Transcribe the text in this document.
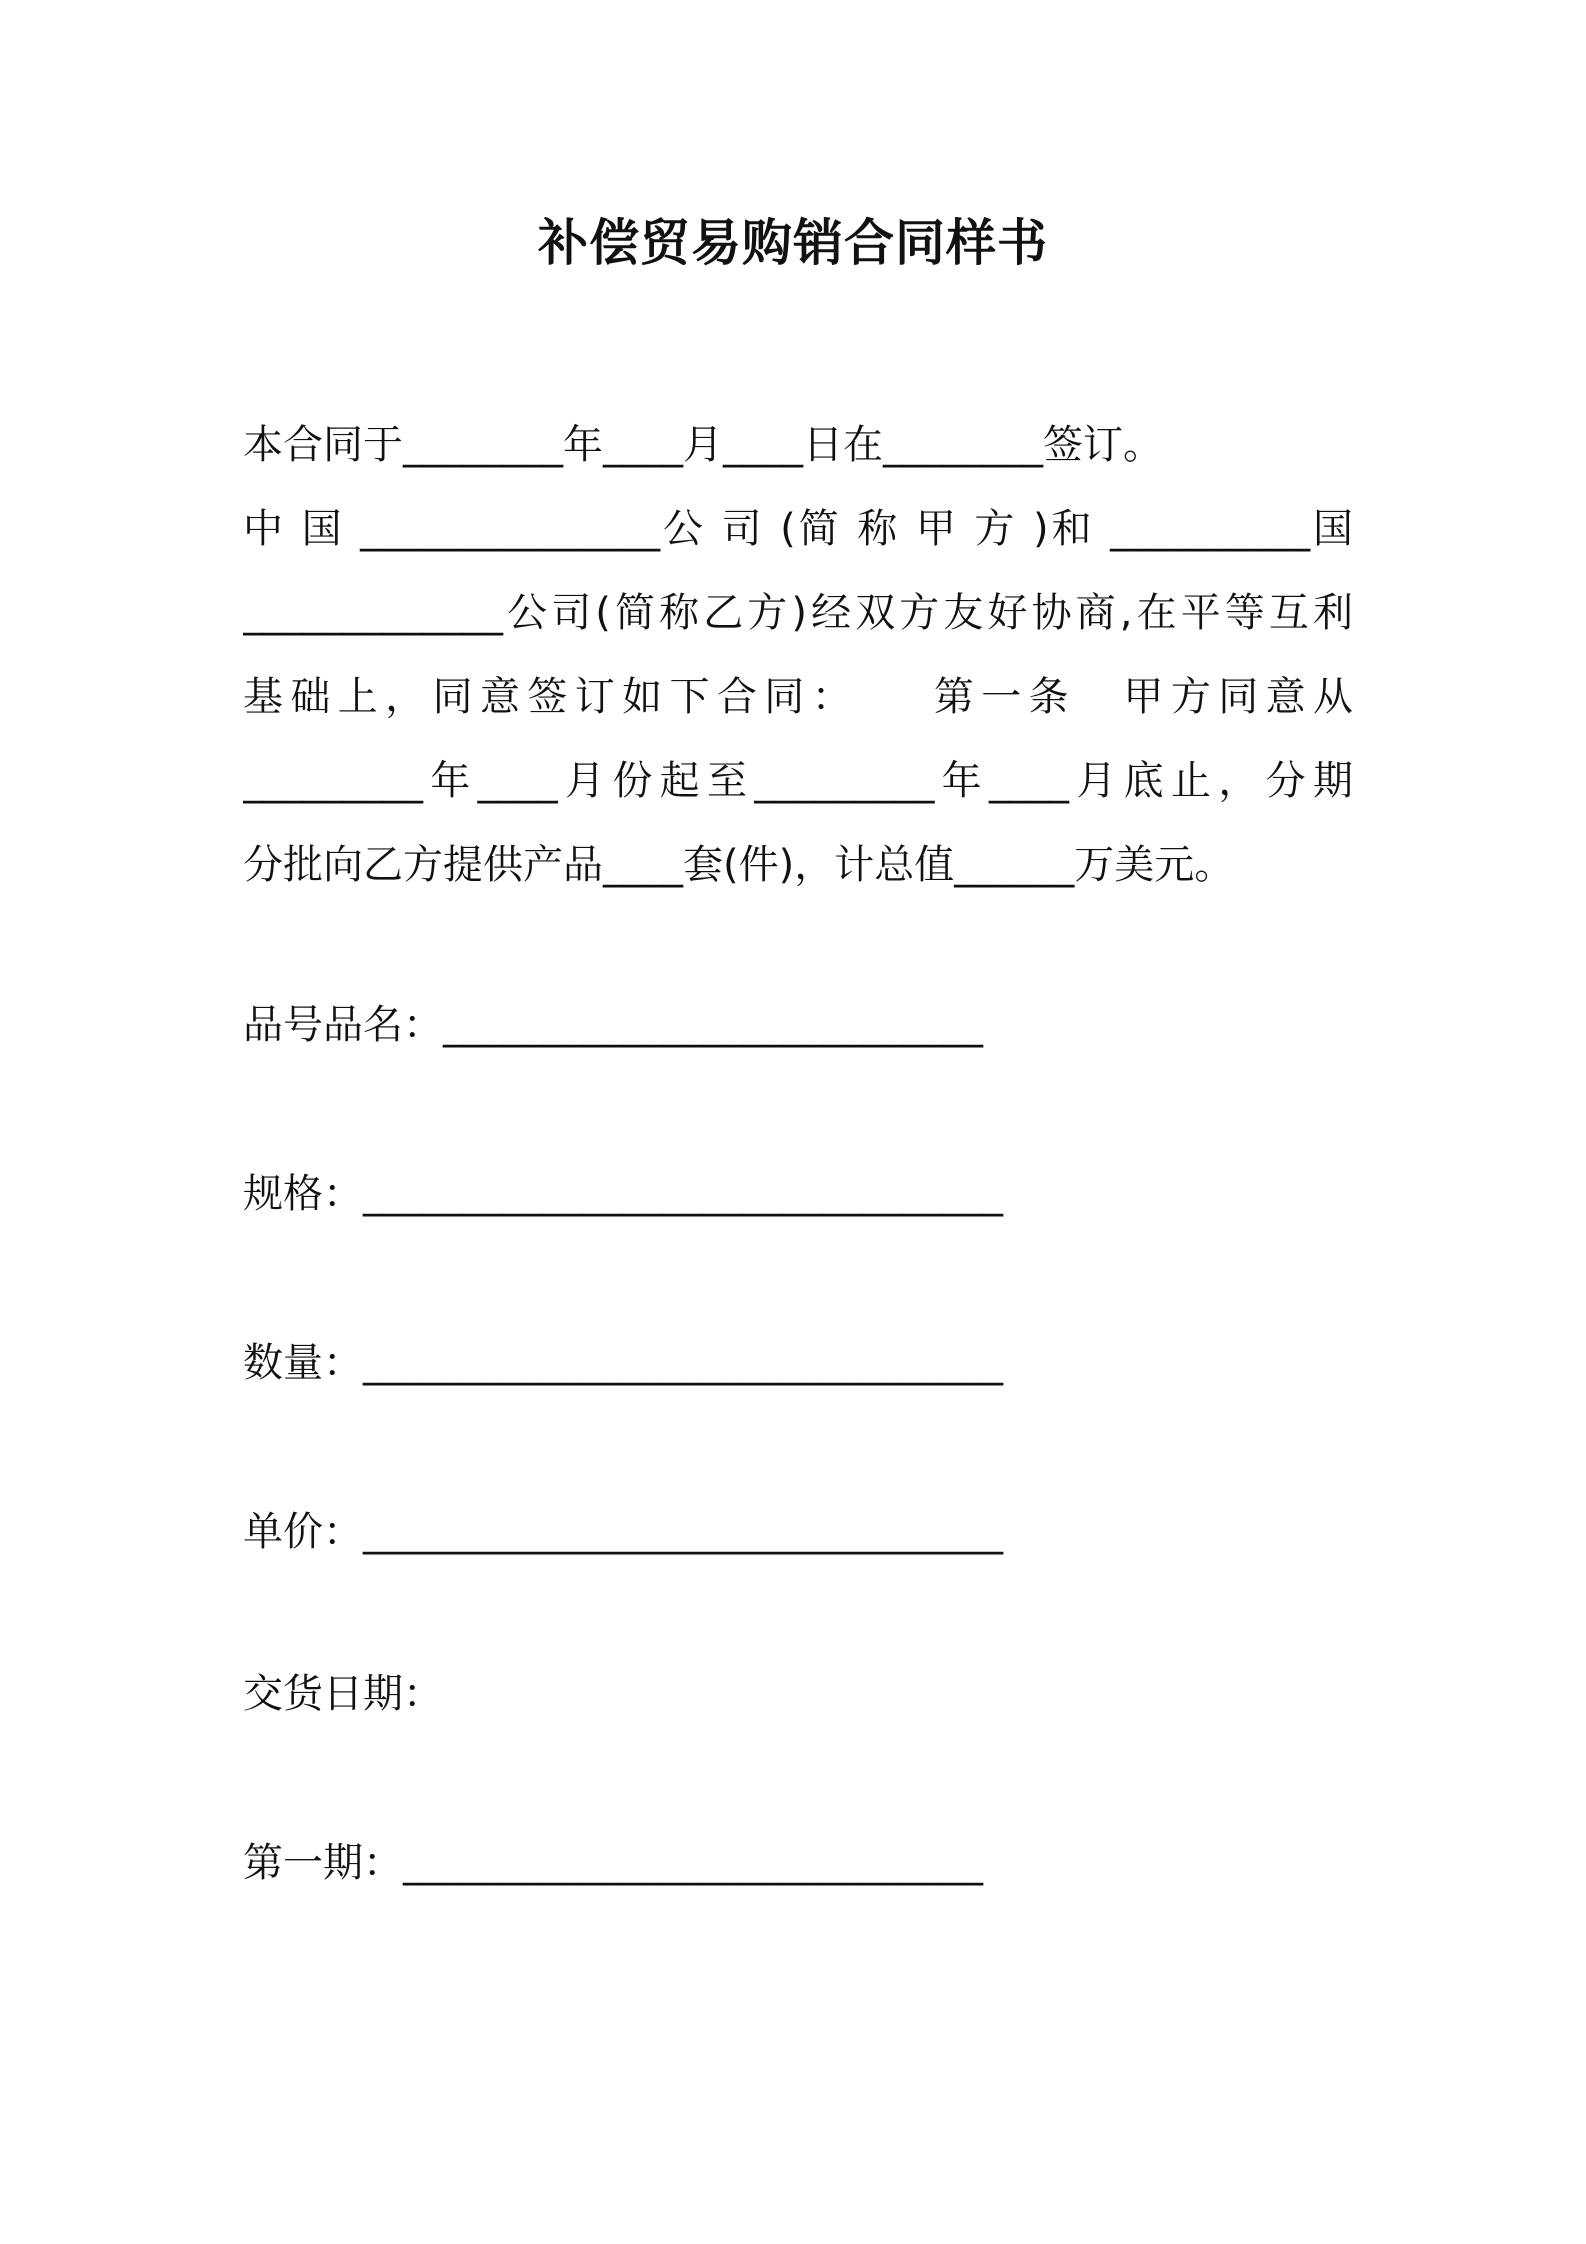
补偿贸易购销合同样书
本合同于________年____月____日在________签订。
中 国 _______________公 司 (简 称 甲 方 )和 __________国
_____________公司(简称乙方)经双方友好协商,在平等互利
基础上，同意签订如下合同：　　第一条　甲方同意从
_________年____月份起至_________年____月底止，分期
分批向乙方提供产品____套(件)，计总值______万美元。
品号品名：___________________________
规格：________________________________
数量：________________________________
单价：________________________________
交货日期：
第一期：_____________________________
